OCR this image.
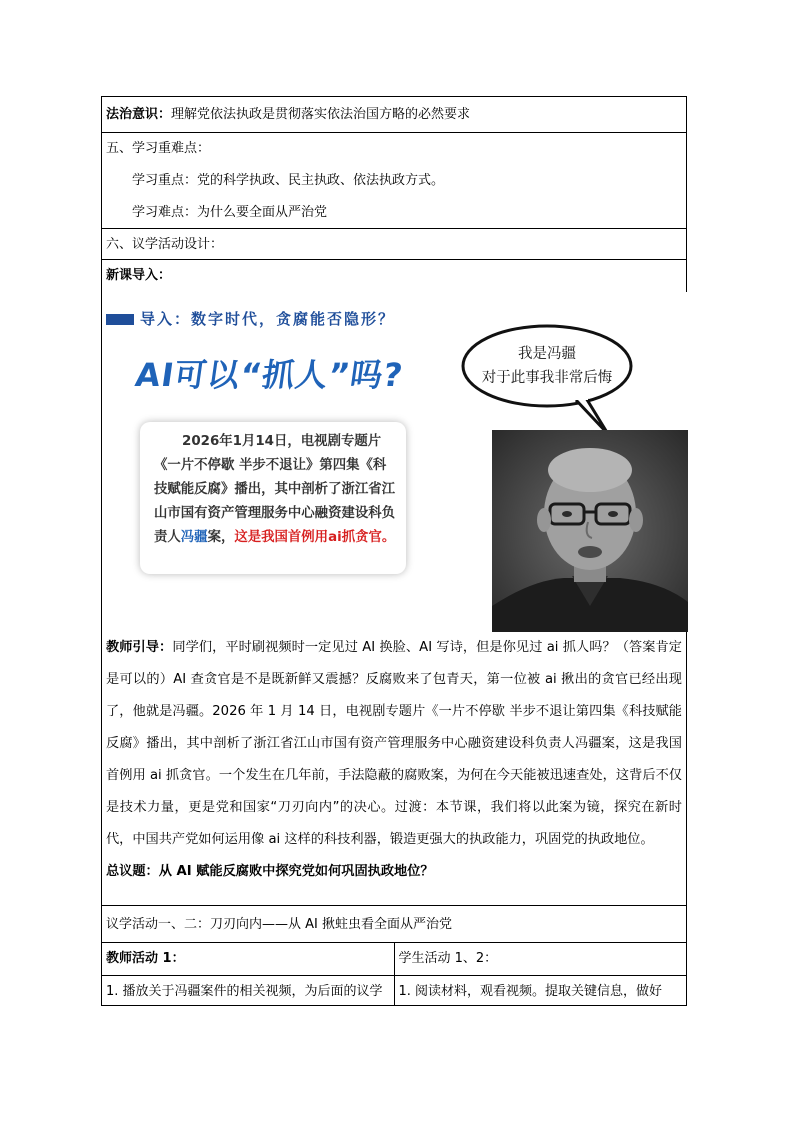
法治意识：理解党依法执政是贯彻落实依法治国方略的必然要求
五、学习重难点：
学习重点：党的科学执政、民主执政、依法执政方式。
学习难点：为什么要全面从严治党
六、议学活动设计：
新课导入：
导入：数字时代，贪腐能否隐形？
AI可以“抓人”吗?
我是冯疆
对于此事我非常后悔

2026年1月14日，电视剧专题片《一片不停歇 半步不退让》第四集《科技赋能反腐》播出，其中剖析了浙江省江山市国有资产管理服务中心融资建设科负责人冯疆案，这是我国首例用ai抓贪官。

教师引导：同学们，平时刷视频时一定见过 AI 换脸、AI 写诗，但是你见过 ai 抓人吗？（答案肯定是可以的）AI 查贪官是不是既新鲜又震撼？反腐败来了包青天，第一位被 ai 揪出的贪官已经出现了，他就是冯疆。2026 年 1 月 14 日，电视剧专题片《一片不停歇 半步不退让第四集《科技赋能反腐》播出，其中剖析了浙江省江山市国有资产管理服务中心融资建设科负责人冯疆案，这是我国首例用 ai 抓贪官。一个发生在几年前，手法隐蔽的腐败案，为何在今天能被迅速查处，这背后不仅是技术力量，更是党和国家“刀刃向内”的决心。过渡：本节课，我们将以此案为镜，探究在新时代，中国共产党如何运用像 ai 这样的科技利器，锻造更强大的执政能力，巩固党的执政地位。

总议题：从 AI 赋能反腐败中探究党如何巩固执政地位？

议学活动一、二：刀刃向内——从 AI 揪蛀虫看全面从严治党
教师活动 1：
1. 播放关于冯疆案件的相关视频，为后面的议学
学生活动 1、2：
1. 阅读材料，观看视频。提取关键信息，做好
